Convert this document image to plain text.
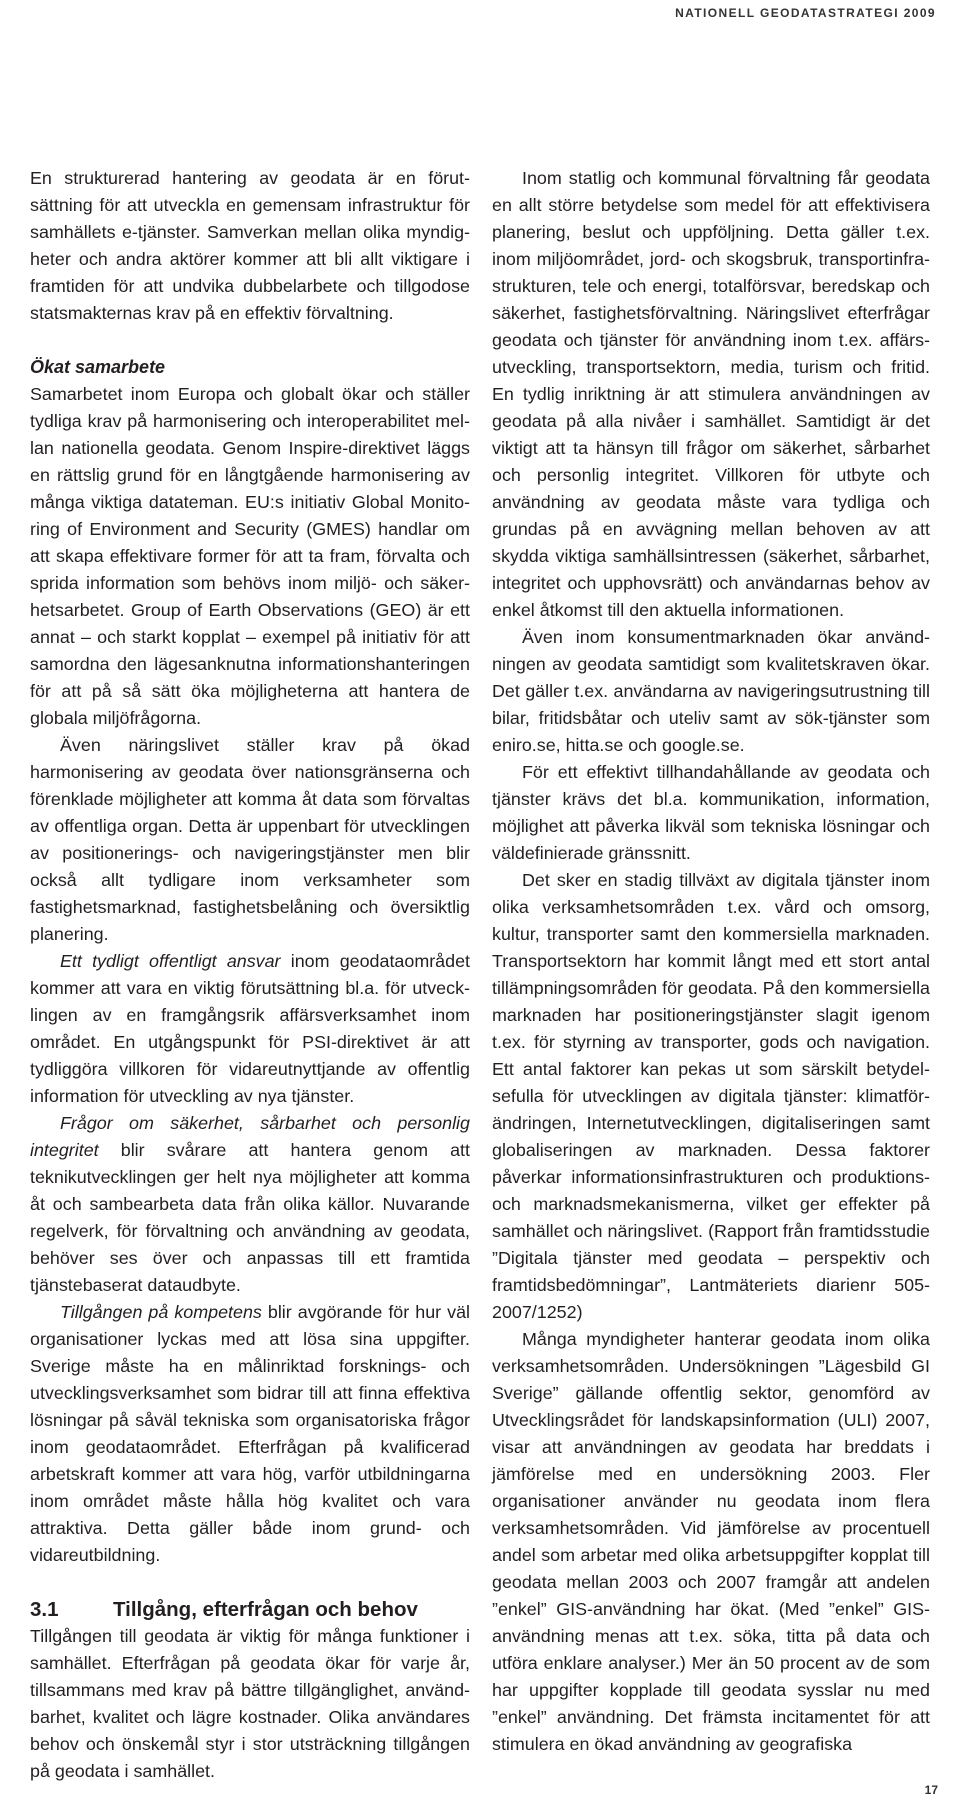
NATIONELL GEODATASTRATEGI 2009

En strukturerad hantering av geodata är en förutsättning för att utveckla en gemensam infrastruktur för samhällets e-tjänster. Samverkan mellan olika myndigheter och andra aktörer kommer att bli allt viktigare i framtiden för att undvika dubbelarbete och tillgodose statsmakternas krav på en effektiv förvaltning.

Ökat samarbete

Samarbetet inom Europa och globalt ökar och ställer tydliga krav på harmonisering och interoperabilitet mellan nationella geodata. Genom Inspire-direktivet läggs en rättslig grund för en långtgående harmonisering av många viktiga datateman. EU:s initiativ Global Monitoring of Environment and Security (GMES) handlar om att skapa effektivare former för att ta fram, förvalta och sprida information som behövs inom miljö- och säkerhetsarbetet. Group of Earth Observations (GEO) är ett annat – och starkt kopplat – exempel på initiativ för att samordna den lägesanknutna informationshanteringen för att på så sätt öka möjligheterna att hantera de globala miljöfrågorna.

Även näringslivet ställer krav på ökad harmonisering av geodata över nationsgränserna och förenklade möjligheter att komma åt data som förvaltas av offentliga organ. Detta är uppenbart för utvecklingen av positionerings- och navigeringstjänster men blir också allt tydligare inom verksamheter som fastighetsmarknad, fastighetsbelåning och översiktlig planering.

Ett tydligt offentligt ansvar inom geodataområdet kommer att vara en viktig förutsättning bl.a. för utvecklingen av en framgångsrik affärsverksamhet inom området. En utgångspunkt för PSI-direktivet är att tydliggöra villkoren för vidareutnyttjande av offentlig information för utveckling av nya tjänster.

Frågor om säkerhet, sårbarhet och personlig integritet blir svårare att hantera genom att teknikutvecklingen ger helt nya möjligheter att komma åt och sambearbeta data från olika källor. Nuvarande regelverk, för förvaltning och användning av geodata, behöver ses över och anpassas till ett framtida tjänstebaserat dataudbyte.

Tillgången på kompetens blir avgörande för hur väl organisationer lyckas med att lösa sina uppgifter. Sverige måste ha en målinriktad forsknings- och utvecklingsverksamhet som bidrar till att finna effektiva lösningar på såväl tekniska som organisatoriska frågor inom geodataområdet. Efterfrågan på kvalificerad arbetskraft kommer att vara hög, varför utbildningarna inom området måste hålla hög kvalitet och vara attraktiva. Detta gäller både inom grund- och vidareutbildning.

3.1	Tillgång, efterfrågan och behov

Tillgången till geodata är viktig för många funktioner i samhället. Efterfrågan på geodata ökar för varje år, tillsammans med krav på bättre tillgänglighet, användbarhet, kvalitet och lägre kostnader. Olika användares behov och önskemål styr i stor utsträckning tillgången på geodata i samhället.

Inom statlig och kommunal förvaltning får geodata en allt större betydelse som medel för att effektivisera planering, beslut och uppföljning. Detta gäller t.ex. inom miljöområdet, jord- och skogsbruk, transportinfrastrukturen, tele och energi, totalförsvar, beredskap och säkerhet, fastighetsförvaltning. Näringslivet efterfrågar geodata och tjänster för användning inom t.ex. affärsutveckling, transportsektorn, media, turism och fritid. En tydlig inriktning är att stimulera användningen av geodata på alla nivåer i samhället. Samtidigt är det viktigt att ta hänsyn till frågor om säkerhet, sårbarhet och personlig integritet. Villkoren för utbyte och användning av geodata måste vara tydliga och grundas på en avvägning mellan behoven av att skydda viktiga samhällsintressen (säkerhet, sårbarhet, integritet och upphovsrätt) och användarnas behov av enkel åtkomst till den aktuella informationen.

Även inom konsumentmarknaden ökar användningen av geodata samtidigt som kvalitetskraven ökar. Det gäller t.ex. användarna av navigeringsutrustning till bilar, fritidsbåtar och uteliv samt av sök-tjänster som eniro.se, hitta.se och google.se.

För ett effektivt tillhandahållande av geodata och tjänster krävs det bl.a. kommunikation, information, möjlighet att påverka likväl som tekniska lösningar och väldefinierade gränssnitt.

Det sker en stadig tillväxt av digitala tjänster inom olika verksamhetsområden t.ex. vård och omsorg, kultur, transporter samt den kommersiella marknaden. Transportsektorn har kommit långt med ett stort antal tillämpningsområden för geodata. På den kommersiella marknaden har positioneringstjänster slagit igenom t.ex. för styrning av transporter, gods och navigation. Ett antal faktorer kan pekas ut som särskilt betydelsefulla för utvecklingen av digitala tjänster: klimatförändringen, Internetutvecklingen, digitaliseringen samt globaliseringen av marknaden. Dessa faktorer påverkar informationsinfrastrukturen och produktions- och marknadsmekanismerna, vilket ger effekter på samhället och näringslivet. (Rapport från framtidsstudie ”Digitala tjänster med geodata – perspektiv och framtidsbedömningar”, Lantmäteriets diarienr 505-2007/1252)

Många myndigheter hanterar geodata inom olika verksamhetsområden. Undersökningen ”Lägesbild GI Sverige” gällande offentlig sektor, genomförd av Utvecklingsrådet för landskapsinformation (ULI) 2007, visar att användningen av geodata har breddats i jämförelse med en undersökning 2003. Fler organisationer använder nu geodata inom flera verksamhetsområden. Vid jämförelse av procentuell andel som arbetar med olika arbetsuppgifter kopplat till geodata mellan 2003 och 2007 framgår att andelen ”enkel” GIS-användning har ökat. (Med ”enkel” GIS-användning menas att t.ex. söka, titta på data och utföra enklare analyser.) Mer än 50 procent av de som har uppgifter kopplade till geodata sysslar nu med ”enkel” användning. Det främsta incitamentet för att stimulera en ökad användning av geografiska

17
